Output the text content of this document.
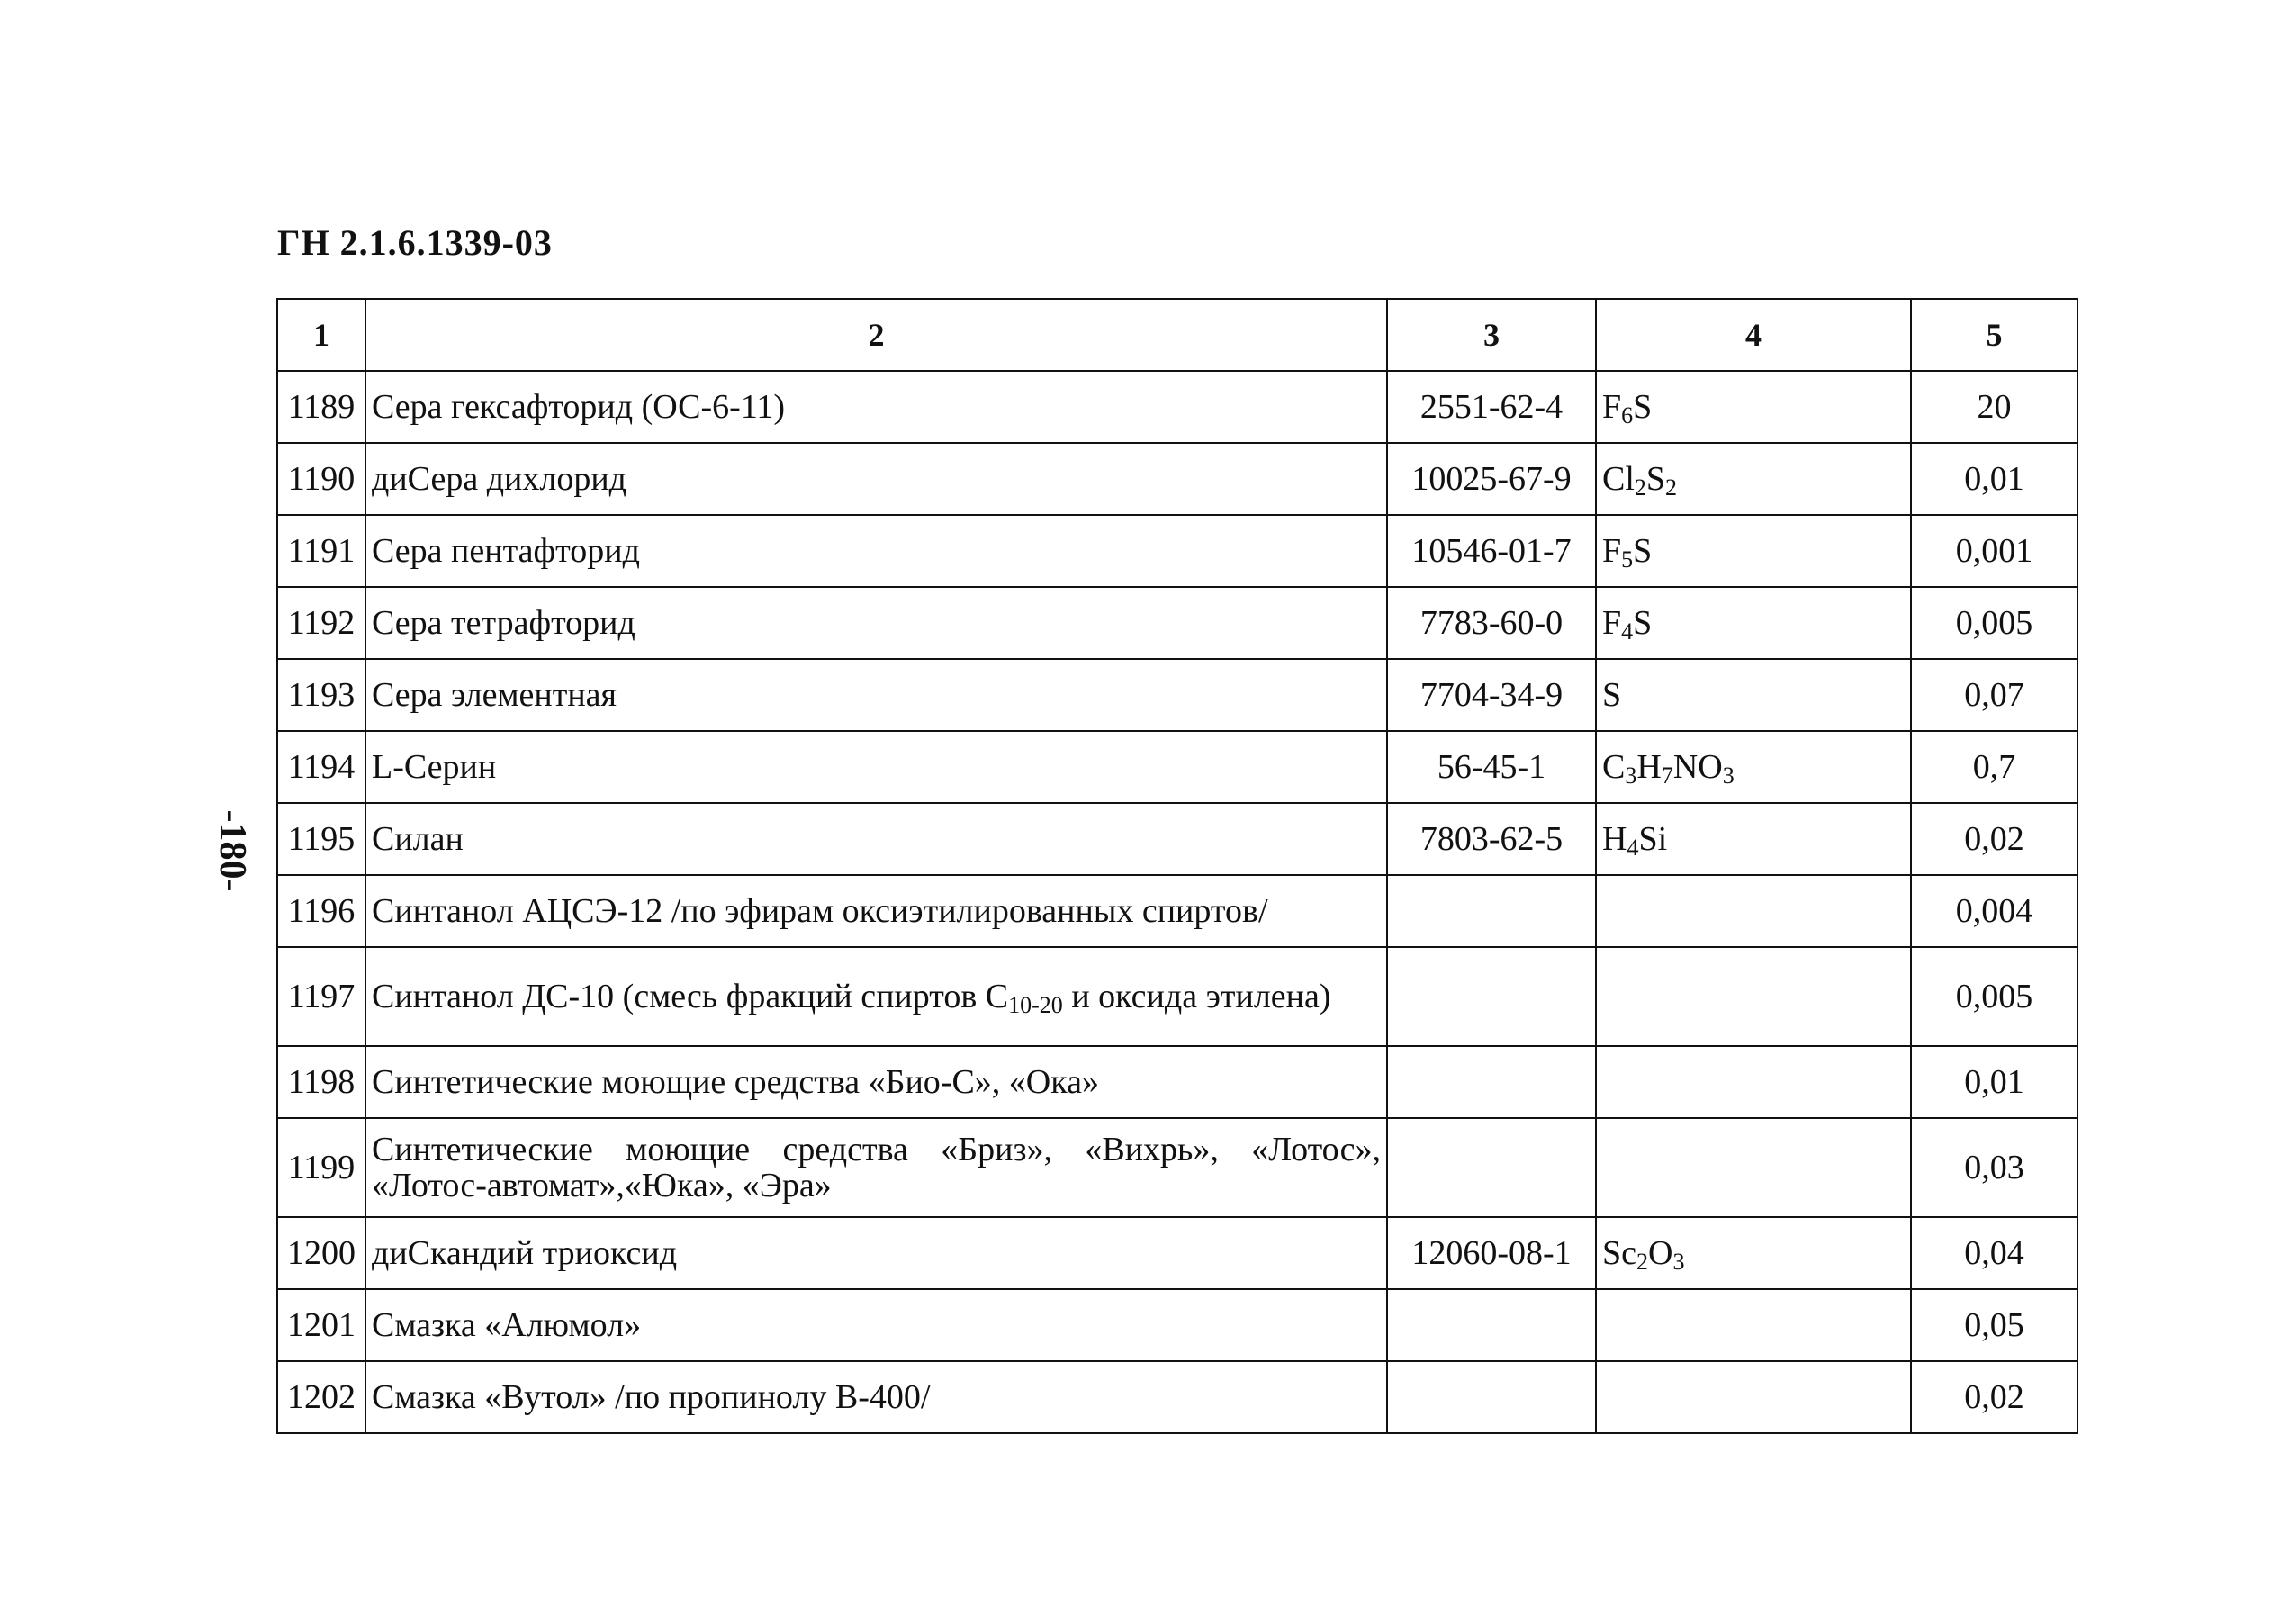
ГН 2.1.6.1339-03
-180-
1	2	3	4	5
1189	Сера гексафторид (ОС-6-11)	2551-62-4	$F_6S$	20
1190	диСера дихлорид	10025-67-9	$Cl_2S_2$	0,01
1191	Сера пентафторид	10546-01-7	$F_5S$	0,001
1192	Сера тетрафторид	7783-60-0	$F_4S$	0,005
1193	Сера элементная	7704-34-9	S	0,07
1194	L-Серин	56-45-1	$C_3H_7NO_3$	0,7
1195	Силан	7803-62-5	$H_4Si$	0,02
1196	Синтанол АЦСЭ-12 /по эфирам оксиэтилированных спиртов/			0,004
1197	Синтанол ДС-10 (смесь фракций спиртов $C_{10-20}$ и оксида этилена)			0,005
1198	Синтетические моющие средства «Био-С», «Ока»			0,01
1199	Синтетические моющие средства «Бриз», «Вихрь», «Лотос», «Лотос-автомат»,«Юка», «Эра»			0,03
1200	диСкандий триоксид	12060-08-1	$Sc_2O_3$	0,04
1201	Смазка «Алюмол»			0,05
1202	Смазка «Вутол» /по пропинолу В-400/			0,02
